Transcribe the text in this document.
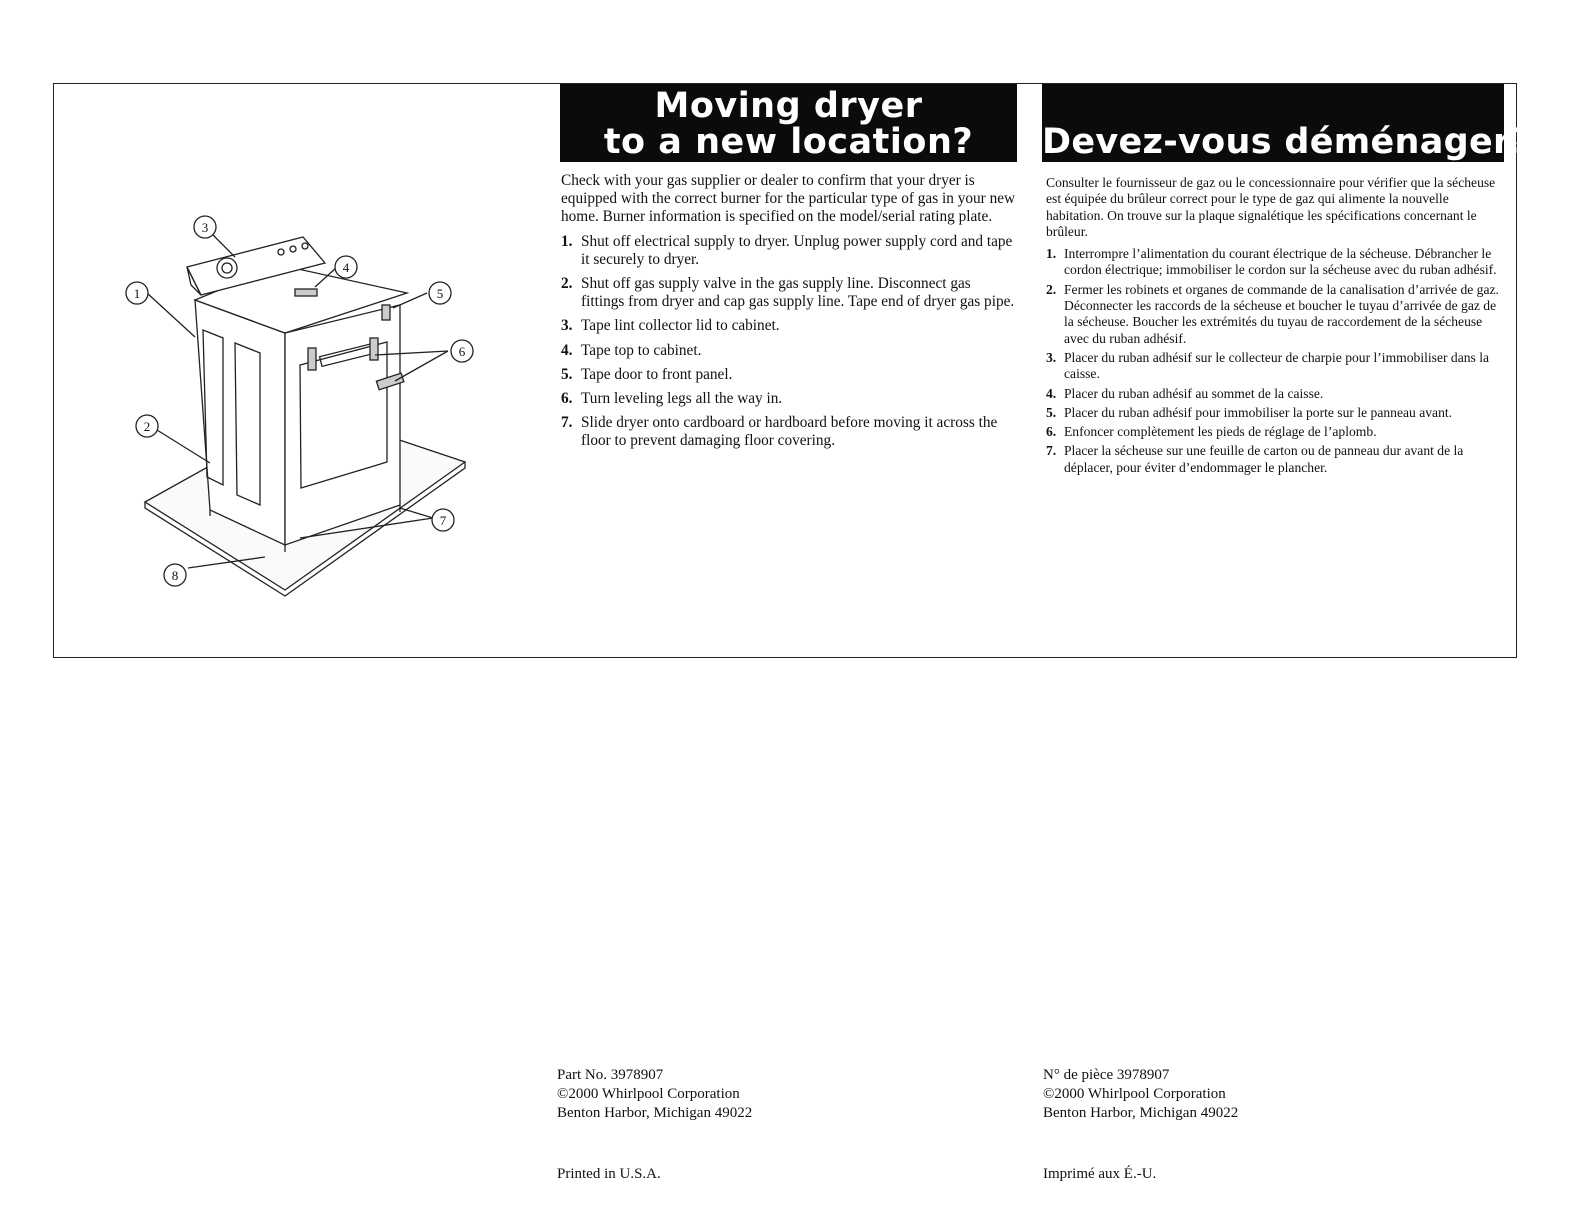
1
2
3
4
5
6
7
8
Moving dryer
to a new location?	Devez-vous déménager?

Check with your gas supplier or dealer to confirm that your dryer is equipped with the correct burner for the particular type of gas in your new home. Burner information is specified on the model/serial rating plate.

1. Shut off electrical supply to dryer. Unplug power supply cord and tape it securely to dryer.
2. Shut off gas supply valve in the gas supply line. Disconnect gas fittings from dryer and cap gas supply line. Tape end of dryer gas pipe.
3. Tape lint collector lid to cabinet.
4. Tape top to cabinet.
5. Tape door to front panel.
6. Turn leveling legs all the way in.
7. Slide dryer onto cardboard or hardboard before moving it across the floor to prevent damaging floor covering.

Consulter le fournisseur de gaz ou le concessionnaire pour vérifier que la sécheuse est équipée du brûleur correct pour le type de gaz qui alimente la nouvelle habitation. On trouve sur la plaque signalétique les spécifications concernant le brûleur.

1. Interrompre l’alimentation du courant électrique de la sécheuse. Débrancher le cordon électrique; immobiliser le cordon sur la sécheuse avec du ruban adhésif.
2. Fermer les robinets et organes de commande de la canalisation d’arrivée de gaz. Déconnecter les raccords de la sécheuse et boucher le tuyau d’arrivée de gaz de la sécheuse. Boucher les extrémités du tuyau de raccordement de la sécheuse avec du ruban adhésif.
3. Placer du ruban adhésif sur le collecteur de charpie pour l’immobiliser dans la caisse.
4. Placer du ruban adhésif au sommet de la caisse.
5. Placer du ruban adhésif pour immobiliser la porte sur le panneau avant.
6. Enfoncer complètement les pieds de réglage de l’aplomb.
7. Placer la sécheuse sur une feuille de carton ou de panneau dur avant de la déplacer, pour éviter d’endommager le plancher.
Part No. 3978907
©2000 Whirlpool Corporation
Benton Harbor, Michigan 49022
N° de pièce 3978907
©2000 Whirlpool Corporation
Benton Harbor, Michigan 49022
Printed in U.S.A.	Imprimé aux É.-U.
